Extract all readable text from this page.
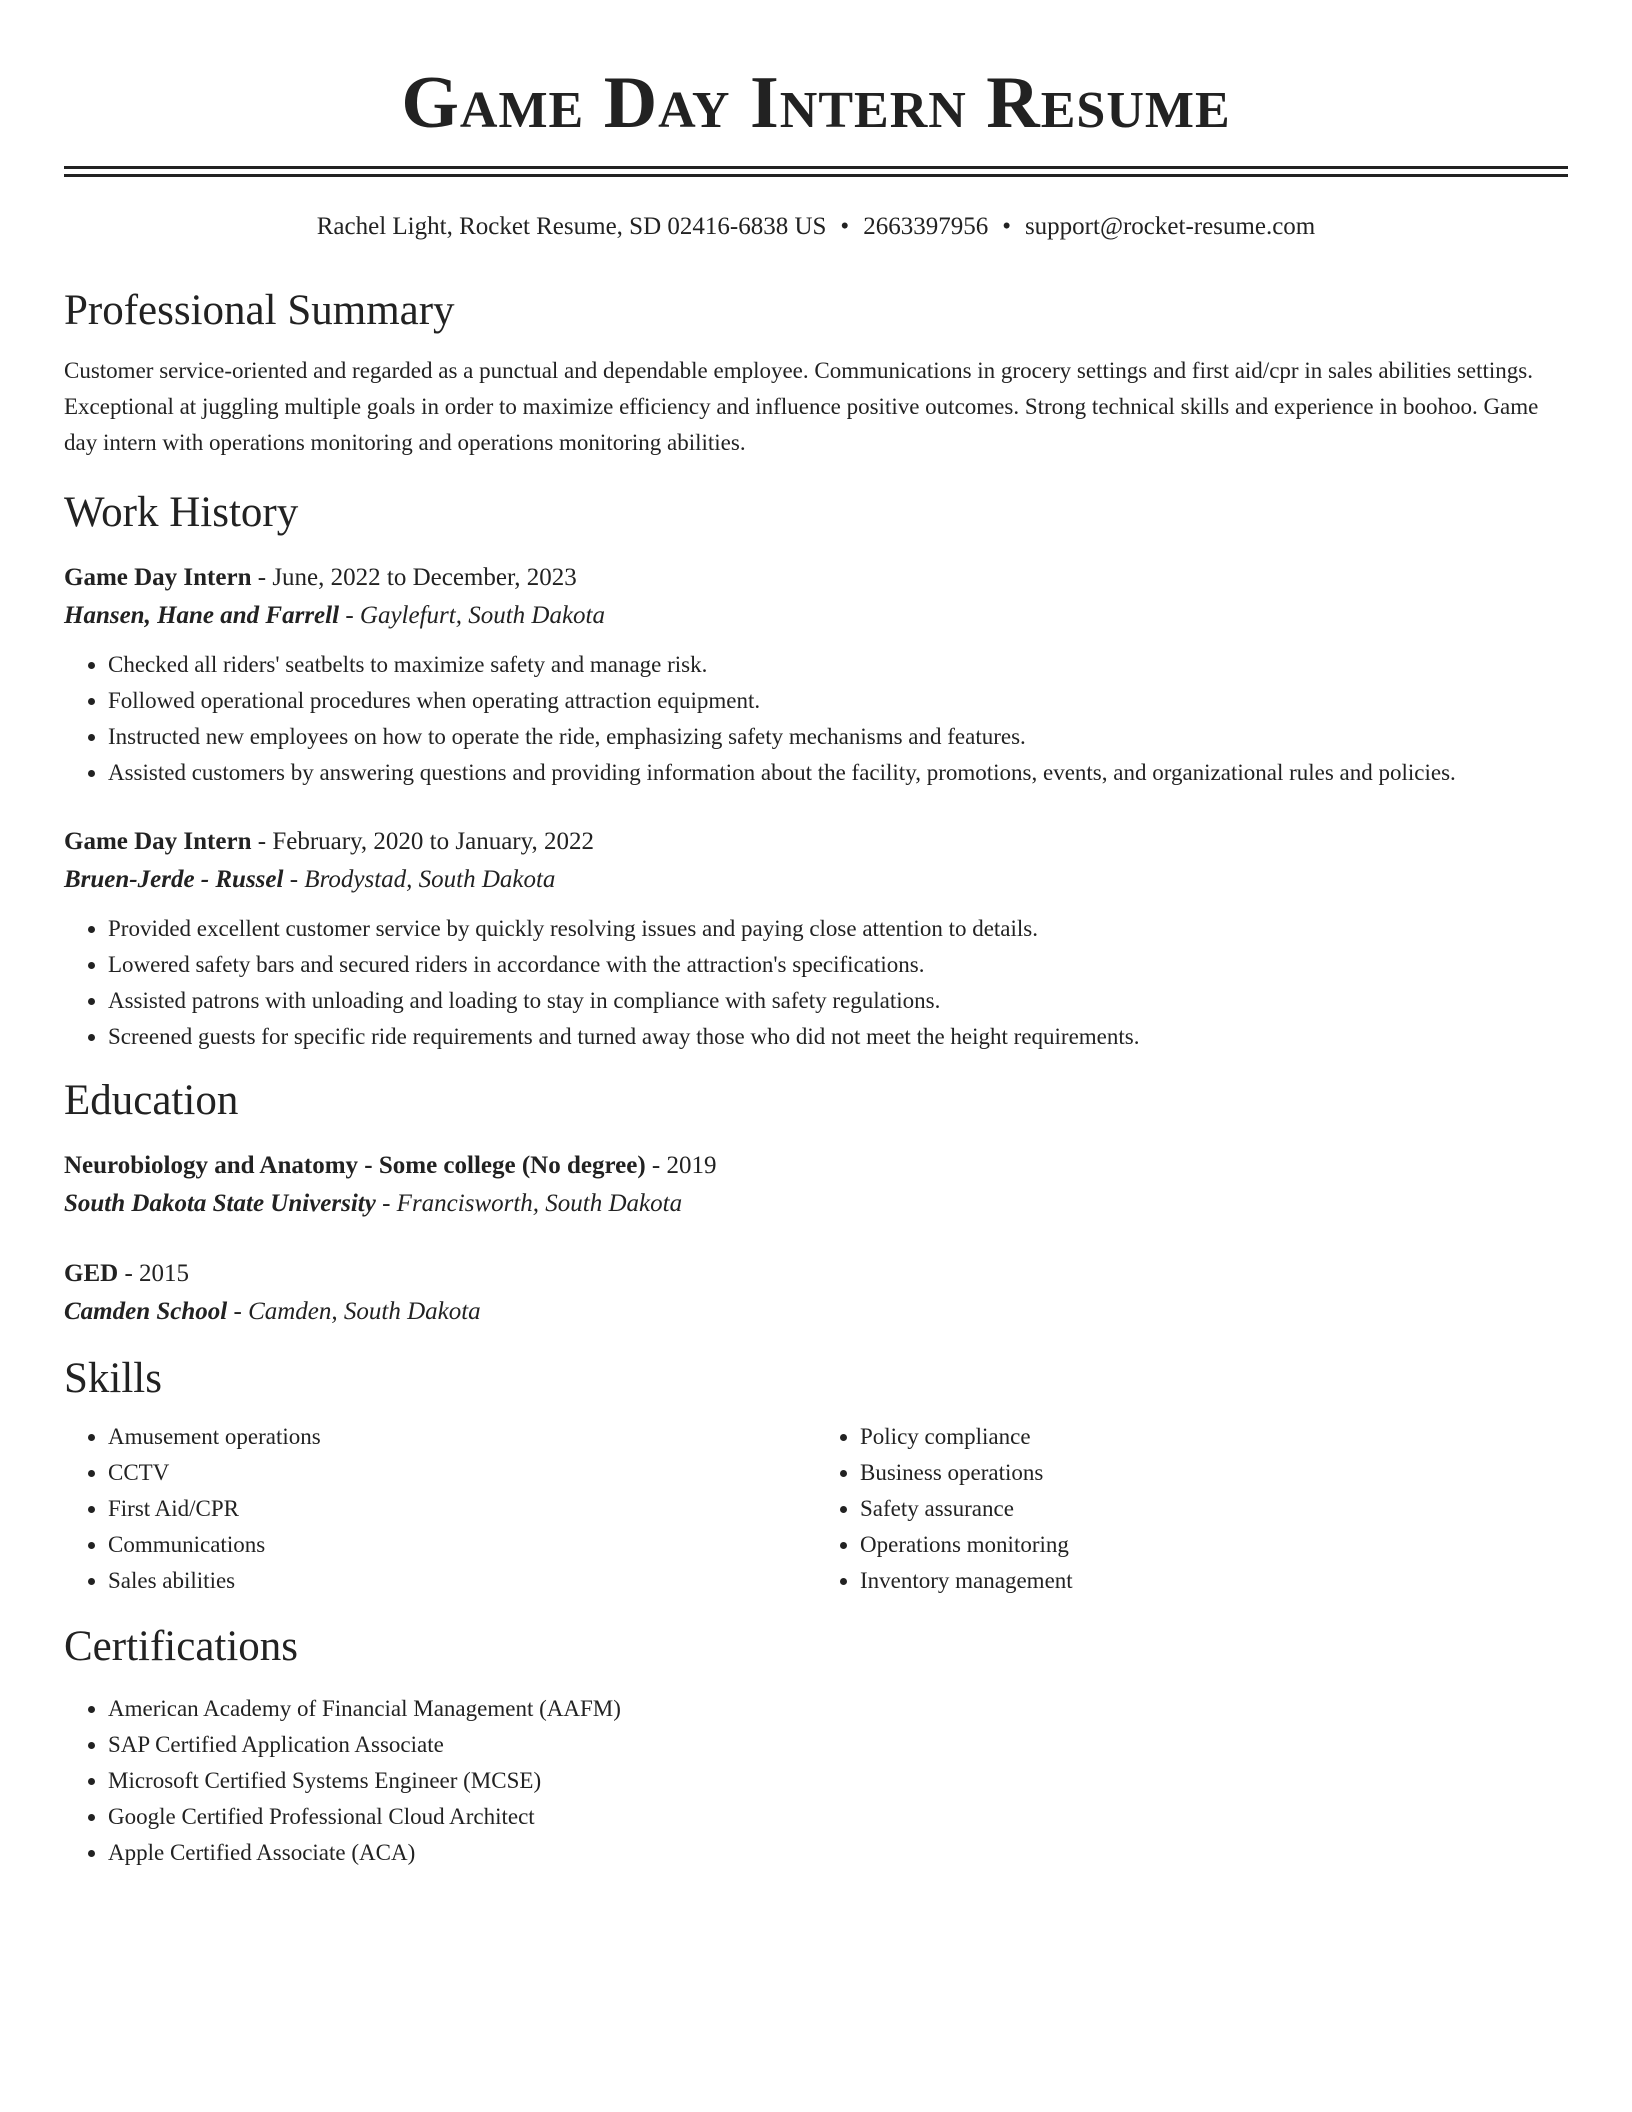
Game Day Intern Resume
Rachel Light, Rocket Resume, SD 02416-6838 US • 2663397956 • support@rocket-resume.com
Professional Summary

Customer service-oriented and regarded as a punctual and dependable employee. Communications in grocery settings and first aid/cpr in sales abilities settings. Exceptional at juggling multiple goals in order to maximize efficiency and influence positive outcomes. Strong technical skills and experience in boohoo. Game day intern with operations monitoring and operations monitoring abilities.

Work History
Game Day Intern - June, 2022 to December, 2023
Hansen, Hane and Farrell - Gaylefurt, South Dakota
• Checked all riders' seatbelts to maximize safety and manage risk.
• Followed operational procedures when operating attraction equipment.
• Instructed new employees on how to operate the ride, emphasizing safety mechanisms and features.
• Assisted customers by answering questions and providing information about the facility, promotions, events, and organizational rules and policies.
Game Day Intern - February, 2020 to January, 2022
Bruen-Jerde - Russel - Brodystad, South Dakota
• Provided excellent customer service by quickly resolving issues and paying close attention to details.
• Lowered safety bars and secured riders in accordance with the attraction's specifications.
• Assisted patrons with unloading and loading to stay in compliance with safety regulations.
• Screened guests for specific ride requirements and turned away those who did not meet the height requirements.
Education
Neurobiology and Anatomy - Some college (No degree) - 2019
South Dakota State University - Francisworth, South Dakota
GED - 2015
Camden School - Camden, South Dakota
Skills
• Amusement operations
• CCTV
• First Aid/CPR
• Communications
• Sales abilities
• Policy compliance
• Business operations
• Safety assurance
• Operations monitoring
• Inventory management
Certifications
• American Academy of Financial Management (AAFM)
• SAP Certified Application Associate
• Microsoft Certified Systems Engineer (MCSE)
• Google Certified Professional Cloud Architect
• Apple Certified Associate (ACA)
